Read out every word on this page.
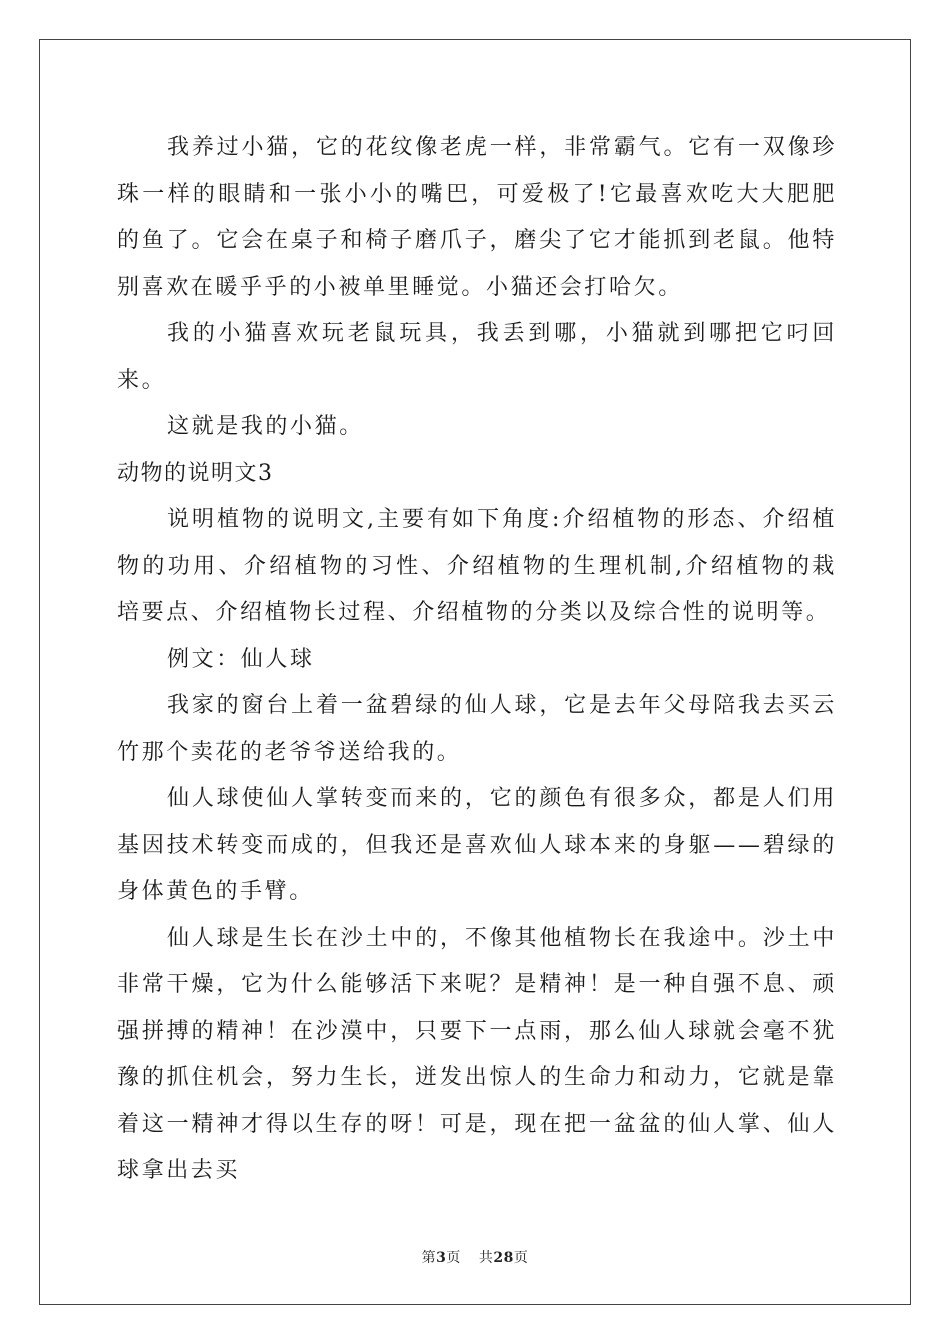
我养过小猫，它的花纹像老虎一样，非常霸气。它有一双像珍珠一样的眼睛和一张小小的嘴巴，可爱极了!它最喜欢吃大大肥肥的鱼了。它会在桌子和椅子磨爪子，磨尖了它才能抓到老鼠。他特别喜欢在暖乎乎的小被单里睡觉。小猫还会打哈欠。

我的小猫喜欢玩老鼠玩具，我丢到哪，小猫就到哪把它叼回来。

这就是我的小猫。

动物的说明文3

说明植物的说明文,主要有如下角度:介绍植物的形态、介绍植物的功用、介绍植物的习性、介绍植物的生理机制,介绍植物的栽培要点、介绍植物长过程、介绍植物的分类以及综合性的说明等。

例文：仙人球

我家的窗台上着一盆碧绿的仙人球，它是去年父母陪我去买云竹那个卖花的老爷爷送给我的。

仙人球使仙人掌转变而来的，它的颜色有很多众，都是人们用基因技术转变而成的，但我还是喜欢仙人球本来的身躯——碧绿的身体黄色的手臂。

仙人球是生长在沙土中的，不像其他植物长在我途中。沙土中非常干燥，它为什么能够活下来呢？是精神！是一种自强不息、顽强拼搏的精神！在沙漠中，只要下一点雨，那么仙人球就会毫不犹豫的抓住机会，努力生长，迸发出惊人的生命力和动力，它就是靠着这一精神才得以生存的呀！可是，现在把一盆盆的仙人掌、仙人球拿出去买

第3页 共28页
